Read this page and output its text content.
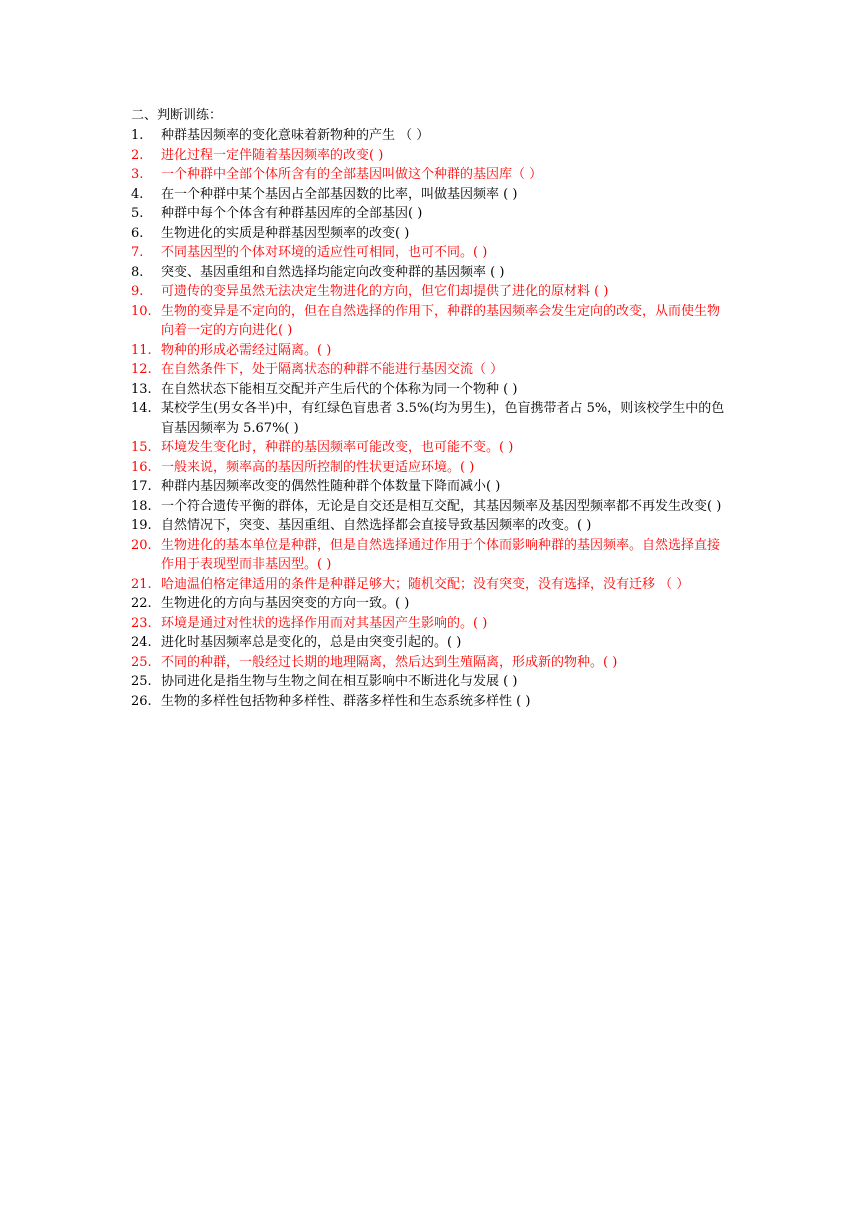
二、判断训练：
1.	种群基因频率的变化意味着新物种的产生 （ ）
2.	进化过程一定伴随着基因频率的改变( )
3.	一个种群中全部个体所含有的全部基因叫做这个种群的基因库（ ）
4.	在一个种群中某个基因占全部基因数的比率，叫做基因频率 ( )
5.	种群中每个个体含有种群基因库的全部基因( )
6.	生物进化的实质是种群基因型频率的改变( )
7.	不同基因型的个体对环境的适应性可相同，也可不同。( )
8.	突变、基因重组和自然选择均能定向改变种群的基因频率 ( )
9.	可遗传的变异虽然无法决定生物进化的方向，但它们却提供了进化的原材料 ( )
10. 生物的变异是不定向的，但在自然选择的作用下，种群的基因频率会发生定向的改变，从而使生物向着一定的方向进化( )
11. 物种的形成必需经过隔离。( )
12. 在自然条件下，处于隔离状态的种群不能进行基因交流（ ）
13. 在自然状态下能相互交配并产生后代的个体称为同一个物种 ( )
14. 某校学生(男女各半)中，有红绿色盲患者 3.5%(均为男生)，色盲携带者占 5%，则该校学生中的色盲基因频率为 5.67%( )
15. 环境发生变化时，种群的基因频率可能改变，也可能不变。( )
16. 一般来说，频率高的基因所控制的性状更适应环境。( )
17. 种群内基因频率改变的偶然性随种群个体数量下降而减小( )
18. 一个符合遗传平衡的群体，无论是自交还是相互交配，其基因频率及基因型频率都不再发生改变( )
19. 自然情况下，突变、基因重组、自然选择都会直接导致基因频率的改变。( )
20. 生物进化的基本单位是种群，但是自然选择通过作用于个体而影响种群的基因频率。自然选择直接作用于表现型而非基因型。( )
21. 哈迪温伯格定律适用的条件是种群足够大；随机交配；没有突变，没有选择，没有迁移 （ ）
22. 生物进化的方向与基因突变的方向一致。( )
23. 环境是通过对性状的选择作用而对其基因产生影响的。( )
24. 进化时基因频率总是变化的，总是由突变引起的。( )
25. 不同的种群，一般经过长期的地理隔离，然后达到生殖隔离，形成新的物种。( )
25. 协同进化是指生物与生物之间在相互影响中不断进化与发展 ( )
26. 生物的多样性包括物种多样性、群落多样性和生态系统多样性 ( )
